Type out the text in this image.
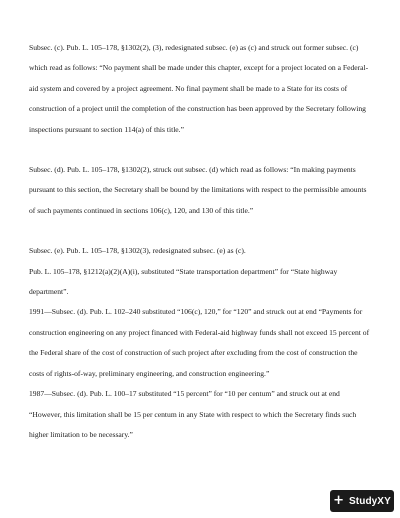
Subsec. (c). Pub. L. 105–178, §1302(2), (3), redesignated subsec. (e) as (c) and struck out former subsec. (c) which read as follows: “No payment shall be made under this chapter, except for a project located on a Federal-aid system and covered by a project agreement. No final payment shall be made to a State for its costs of construction of a project until the completion of the construction has been approved by the Secretary following inspections pursuant to section 114(a) of this title.”

Subsec. (d). Pub. L. 105–178, §1302(2), struck out subsec. (d) which read as follows: “In making payments pursuant to this section, the Secretary shall be bound by the limitations with respect to the permissible amounts of such payments continued in sections 106(c), 120, and 130 of this title.”

Subsec. (e). Pub. L. 105–178, §1302(3), redesignated subsec. (e) as (c).

Pub. L. 105–178, §1212(a)(2)(A)(i), substituted “State transportation department” for “State highway department”.

1991—Subsec. (d). Pub. L. 102–240 substituted “106(c), 120,” for “120” and struck out at end “Payments for construction engineering on any project financed with Federal-aid highway funds shall not exceed 15 percent of the Federal share of the cost of construction of such project after excluding from the cost of construction the costs of rights-of-way, preliminary engineering, and construction engineering.”

1987—Subsec. (d). Pub. L. 100–17 substituted “15 percent” for “10 per centum” and struck out at end “However, this limitation shall be 15 per centum in any State with respect to which the Secretary finds such higher limitation to be necessary.”

+ StudyXY
